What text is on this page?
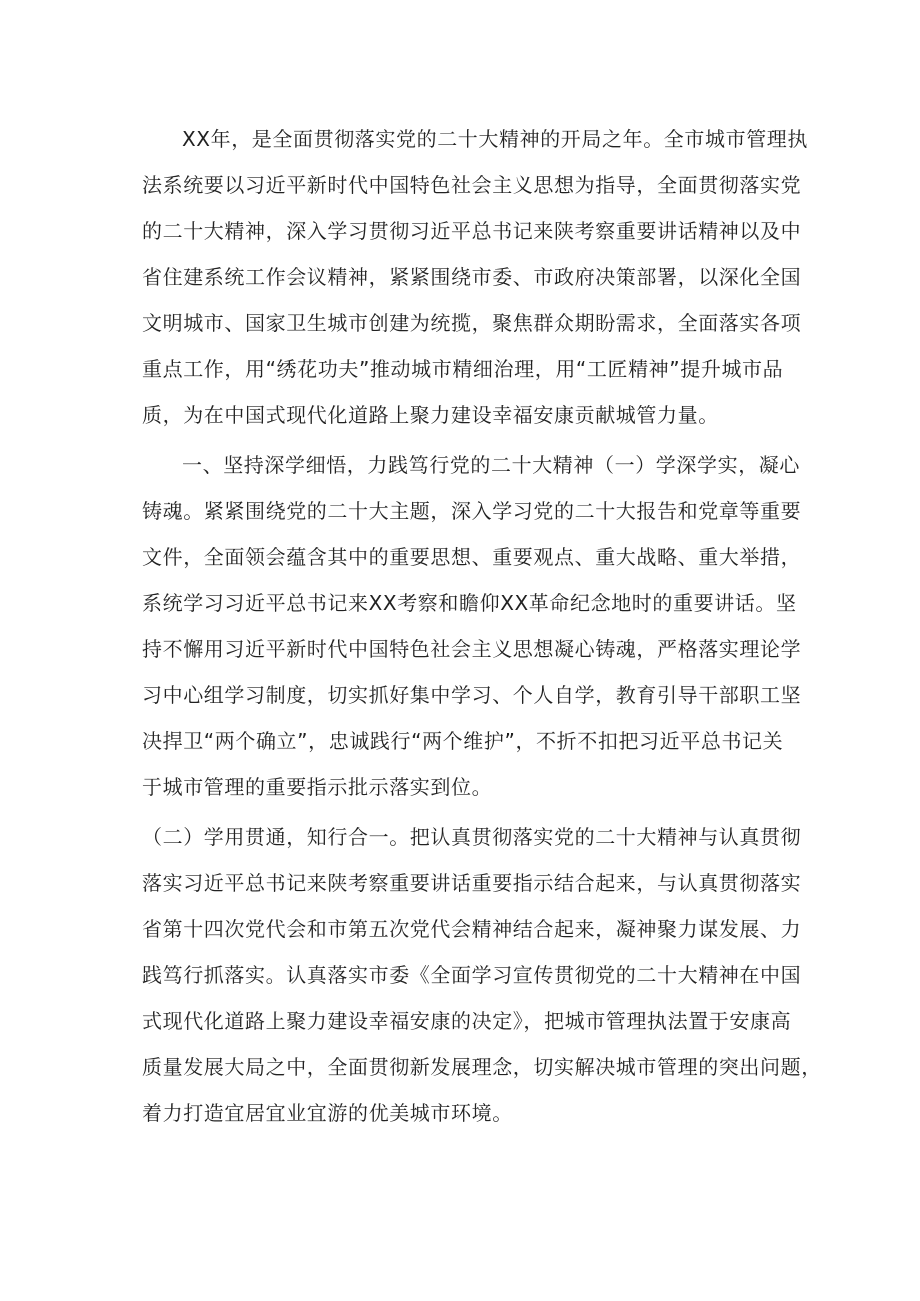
XX年，是全面贯彻落实党的二十大精神的开局之年。全市城市管理执

法系统要以习近平新时代中国特色社会主义思想为指导，全面贯彻落实党

的二十大精神，深入学习贯彻习近平总书记来陕考察重要讲话精神以及中

省住建系统工作会议精神，紧紧围绕市委、市政府决策部署，以深化全国

文明城市、国家卫生城市创建为统揽，聚焦群众期盼需求，全面落实各项

重点工作，用“绣花功夫”推动城市精细治理，用“工匠精神”提升城市品

质，为在中国式现代化道路上聚力建设幸福安康贡献城管力量。

一、坚持深学细悟，力践笃行党的二十大精神（一）学深学实，凝心

铸魂。紧紧围绕党的二十大主题，深入学习党的二十大报告和党章等重要

文件，全面领会蕴含其中的重要思想、重要观点、重大战略、重大举措，

系统学习习近平总书记来XX考察和瞻仰XX革命纪念地时的重要讲话。坚

持不懈用习近平新时代中国特色社会主义思想凝心铸魂，严格落实理论学

习中心组学习制度，切实抓好集中学习、个人自学，教育引导干部职工坚

决捍卫“两个确立”，忠诚践行“两个维护”，不折不扣把习近平总书记关

于城市管理的重要指示批示落实到位。

（二）学用贯通，知行合一。把认真贯彻落实党的二十大精神与认真贯彻

落实习近平总书记来陕考察重要讲话重要指示结合起来，与认真贯彻落实

省第十四次党代会和市第五次党代会精神结合起来，凝神聚力谋发展、力

践笃行抓落实。认真落实市委《全面学习宣传贯彻党的二十大精神在中国

式现代化道路上聚力建设幸福安康的决定》，把城市管理执法置于安康高

质量发展大局之中，全面贯彻新发展理念，切实解决城市管理的突出问题，

着力打造宜居宜业宜游的优美城市环境。
